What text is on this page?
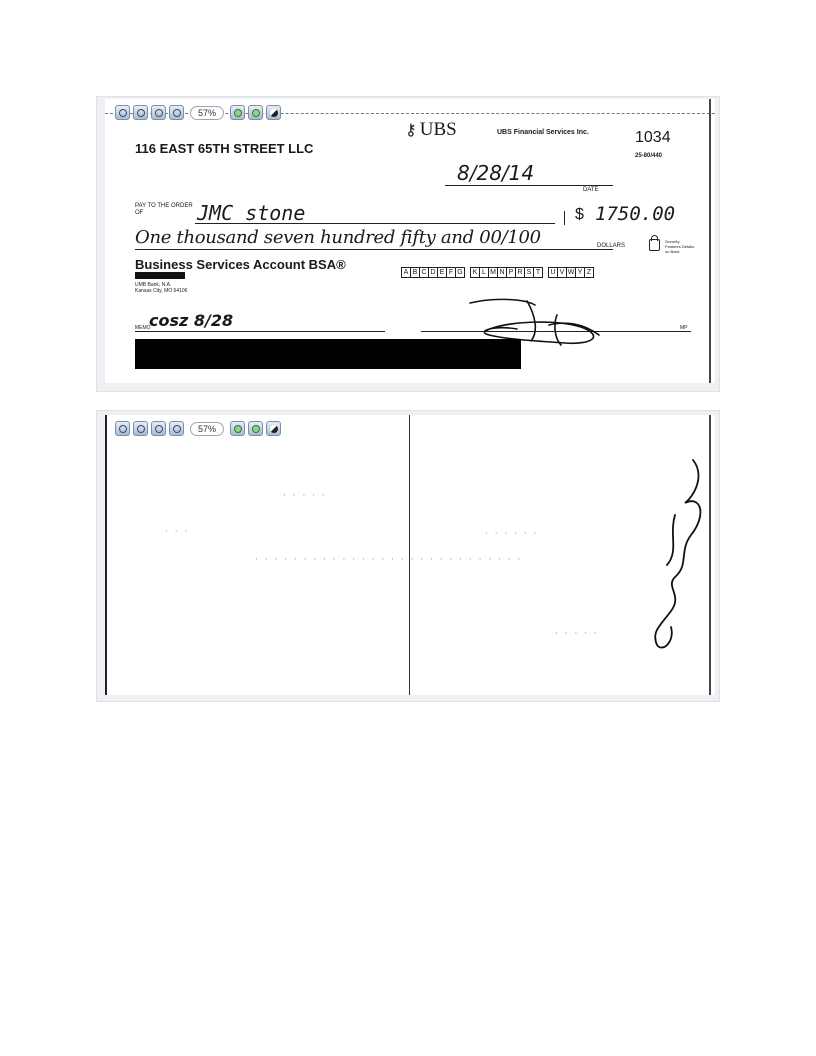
57%
116 EAST 65TH STREET LLC
⚷ UBS	UBS Financial Services Inc.	1034
25-80/440
8/28/14
DATE
PAY TO THE ORDER OF	JMC stone	$ 1750.00
One thousand seven hundred fifty and 00/100	DOLLARS
Security Features Details on Back.
Business Services Account BSA®
UMB Bank, N.A.
Kansas City, MO 64106
A B C D E F G	K L M N P R S T	U V W Y Z
MEMO
cosz 8/28	MP
57%
· · · · ·
· · ·
· · · · · · · · · · · · · · · · · · · · · · · · · · · ·
· · · · · ·
· · · · ·
